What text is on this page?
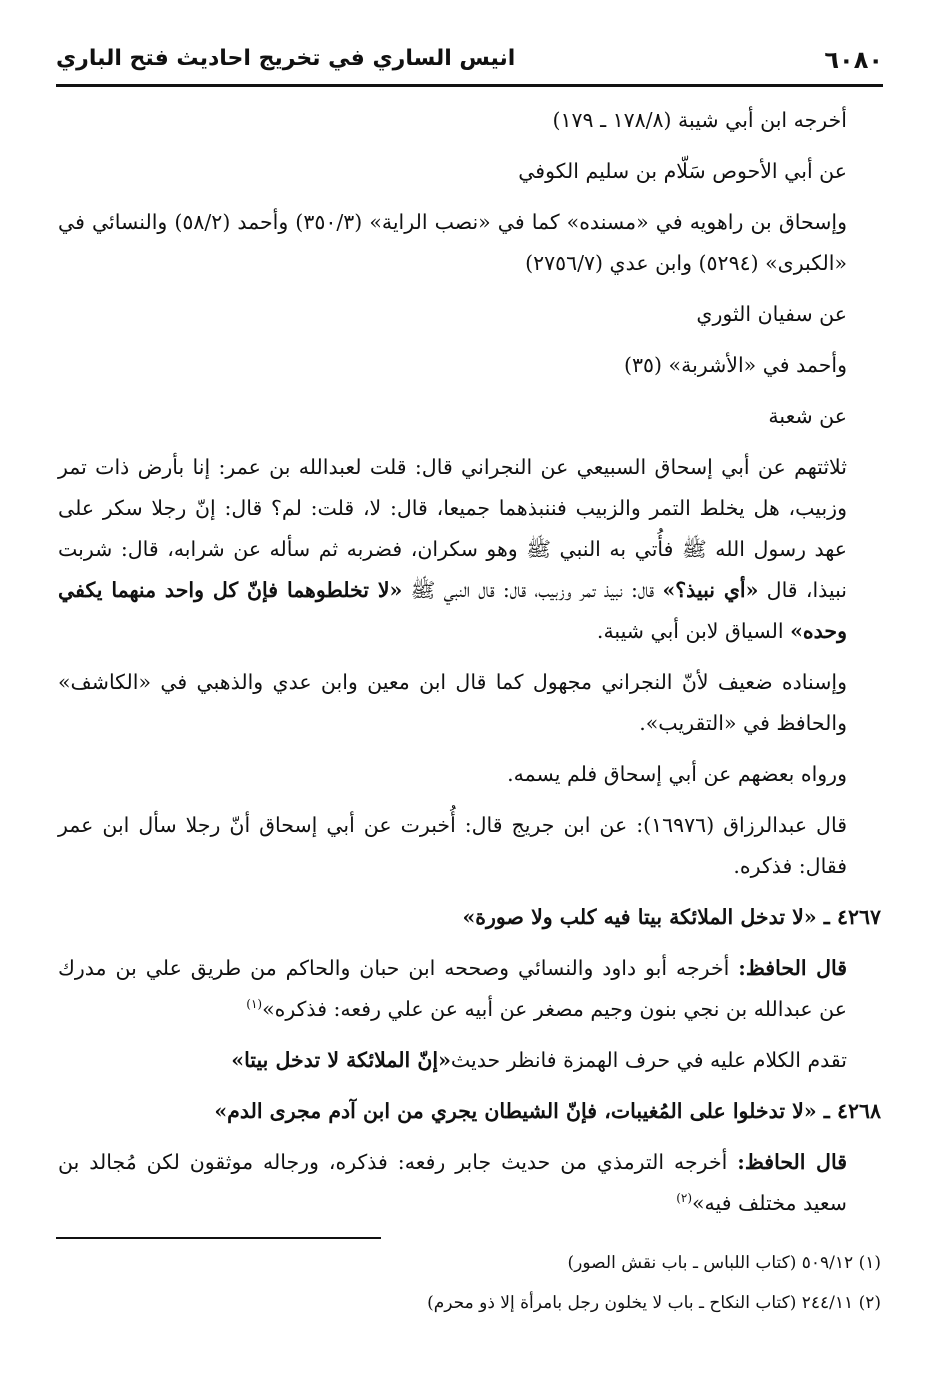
٦٠٨٠
انيس الساري في تخريج احاديث فتح الباري

أخرجه ابن أبي شيبة (١٧٨/٨ ـ ١٧٩)

عن أبي الأحوص سَلّام بن سليم الكوفي

وإسحاق بن راهويه في «مسنده» كما في «نصب الراية» (٣٥٠/٣) وأحمد (٥٨/٢) والنسائي في «الكبرى» (٥٢٩٤) وابن عدي (٢٧٥٦/٧)

عن سفيان الثوري

وأحمد في «الأشربة» (٣٥)

عن شعبة

ثلاثتهم عن أبي إسحاق السبيعي عن النجراني قال: قلت لعبدالله بن عمر: إنا بأرض ذات تمر وزبيب، هل يخلط التمر والزبيب فننبذهما جميعا، قال: لا، قلت: لم؟ قال: إنّ رجلا سكر على عهد رسول الله ﷺ فأُتي به النبي ﷺ وهو سكران، فضربه ثم سأله عن شرابه، قال: شربت نبيذا، قال «أي نبيذ؟» قال: نبيذ تمر وزبيب، قال: قال النبي ﷺ «لا تخلطوهما فإنّ كل واحد منهما يكفي وحده» السياق لابن أبي شيبة.

وإسناده ضعيف لأنّ النجراني مجهول كما قال ابن معين وابن عدي والذهبي في «الكاشف» والحافظ في «التقريب».

ورواه بعضهم عن أبي إسحاق فلم يسمه.

قال عبدالرزاق (١٦٩٧٦): عن ابن جريج قال: أُخبرت عن أبي إسحاق أنّ رجلا سأل ابن عمر فقال: فذكره.

٤٢٦٧ ـ «لا تدخل الملائكة بيتا فيه كلب ولا صورة»

قال الحافظ: أخرجه أبو داود والنسائي وصححه ابن حبان والحاكم من طريق علي بن مدرك عن عبدالله بن نجي بنون وجيم مصغر عن أبيه عن علي رفعه: فذكره»$^{(١)}$

تقدم الكلام عليه في حرف الهمزة فانظر حديث«إنّ الملائكة لا تدخل بيتا»

٤٢٦٨ ـ «لا تدخلوا على المُغيبات، فإنّ الشيطان يجري من ابن آدم مجرى الدم»

قال الحافظ: أخرجه الترمذي من حديث جابر رفعه: فذكره، ورجاله موثقون لكن مُجالد بن سعيد مختلف فيه»$^{(٢)}$

(١) ٥٠٩/١٢ (كتاب اللباس ـ باب نقش الصور)
(٢) ٢٤٤/١١ (كتاب النكاح ـ باب لا يخلون رجل بامرأة إلا ذو محرم)
